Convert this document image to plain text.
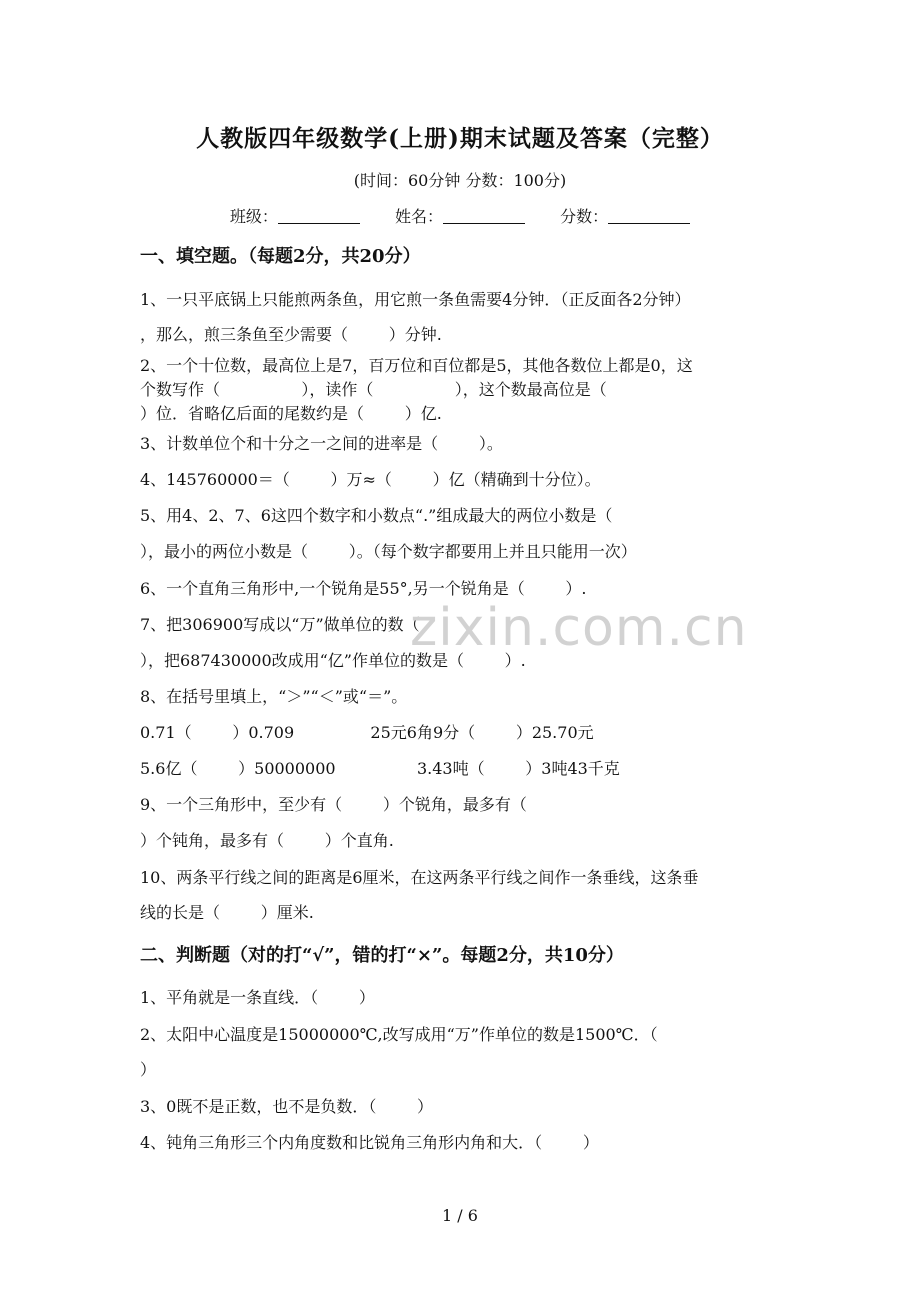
人教版四年级数学(上册)期末试题及答案（完整）
(时间：60分钟 分数：100分)
班级：	姓名：	分数：
一、填空题。（每题2分，共20分）
1、一只平底锅上只能煎两条鱼，用它煎一条鱼需要4分钟．（正反面各2分钟）
，那么，煎三条鱼至少需要（        ）分钟.
2、一个十位数，最高位上是7，百万位和百位都是5，其他各数位上都是0，这
个数写作（                ），读作（                ），这个数最高位是（
）位．省略亿后面的尾数约是（        ）亿.
3、计数单位个和十分之一之间的进率是（        ）。
4、145760000＝（        ）万≈（        ）亿（精确到十分位）。
5、用4、2、7、6这四个数字和小数点“.”组成最大的两位小数是（
），最小的两位小数是（        ）。（每个数字都要用上并且只能用一次）
6、一个直角三角形中,一个锐角是55°,另一个锐角是（        ）.
7、把306900写成以“万”做单位的数（
），把687430000改成用“亿”作单位的数是（        ）.
8、在括号里填上，“＞”“＜”或“＝”。
0.71（        ）0.709               25元6角9分（        ）25.70元
5.6亿（        ）50000000                3.43吨（        ）3吨43千克
9、一个三角形中，至少有（        ）个锐角，最多有（
）个钝角，最多有（        ）个直角.
10、两条平行线之间的距离是6厘米，在这两条平行线之间作一条垂线，这条垂
线的长是（        ）厘米.
二、判断题（对的打“√”，错的打“×”。每题2分，共10分）
1、平角就是一条直线．（        ）
2、太阳中心温度是15000000℃,改写成用“万”作单位的数是1500℃．（
）
3、0既不是正数，也不是负数．（        ）
4、钝角三角形三个内角度数和比锐角三角形内角和大．（        ）
zixin.com.cn
1 / 6
